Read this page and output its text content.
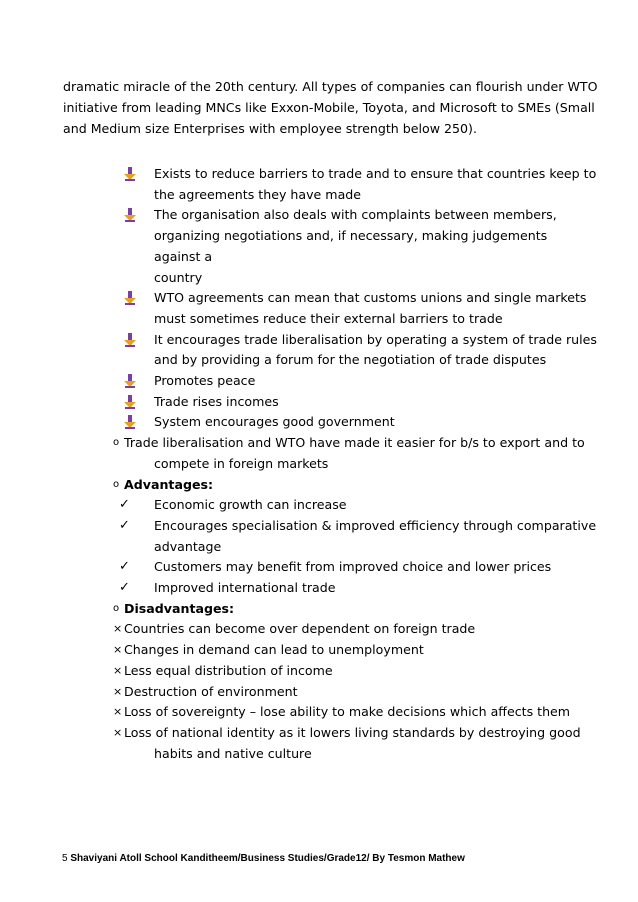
dramatic miracle of the 20th century. All types of companies can flourish under WTO
initiative from leading MNCs like Exxon-Mobile, Toyota, and Microsoft to SMEs (Small
and Medium size Enterprises with employee strength below 250).
Exists to reduce barriers to trade and to ensure that countries keep to
the agreements they have made
The organisation also deals with complaints between members,
organizing negotiations and, if necessary, making judgements against a
country
WTO agreements can mean that customs unions and single markets
must sometimes reduce their external barriers to trade
It encourages trade liberalisation by operating a system of trade rules
and by providing a forum for the negotiation of trade disputes
Promotes peace
Trade rises incomes
System encourages good government
o Trade liberalisation and WTO have made it easier for b/s to export and to
compete in foreign markets
o Advantages:
✓	Economic growth can increase
✓	Encourages specialisation & improved efficiency through comparative
advantage
✓	Customers may benefit from improved choice and lower prices
✓	Improved international trade
o Disadvantages:
× Countries can become over dependent on foreign trade
× Changes in demand can lead to unemployment
× Less equal distribution of income
× Destruction of environment
× Loss of sovereignty – lose ability to make decisions which affects them
× Loss of national identity as it lowers living standards by destroying good
habits and native culture
5 Shaviyani Atoll School Kanditheem/Business Studies/Grade12/ By Tesmon Mathew
